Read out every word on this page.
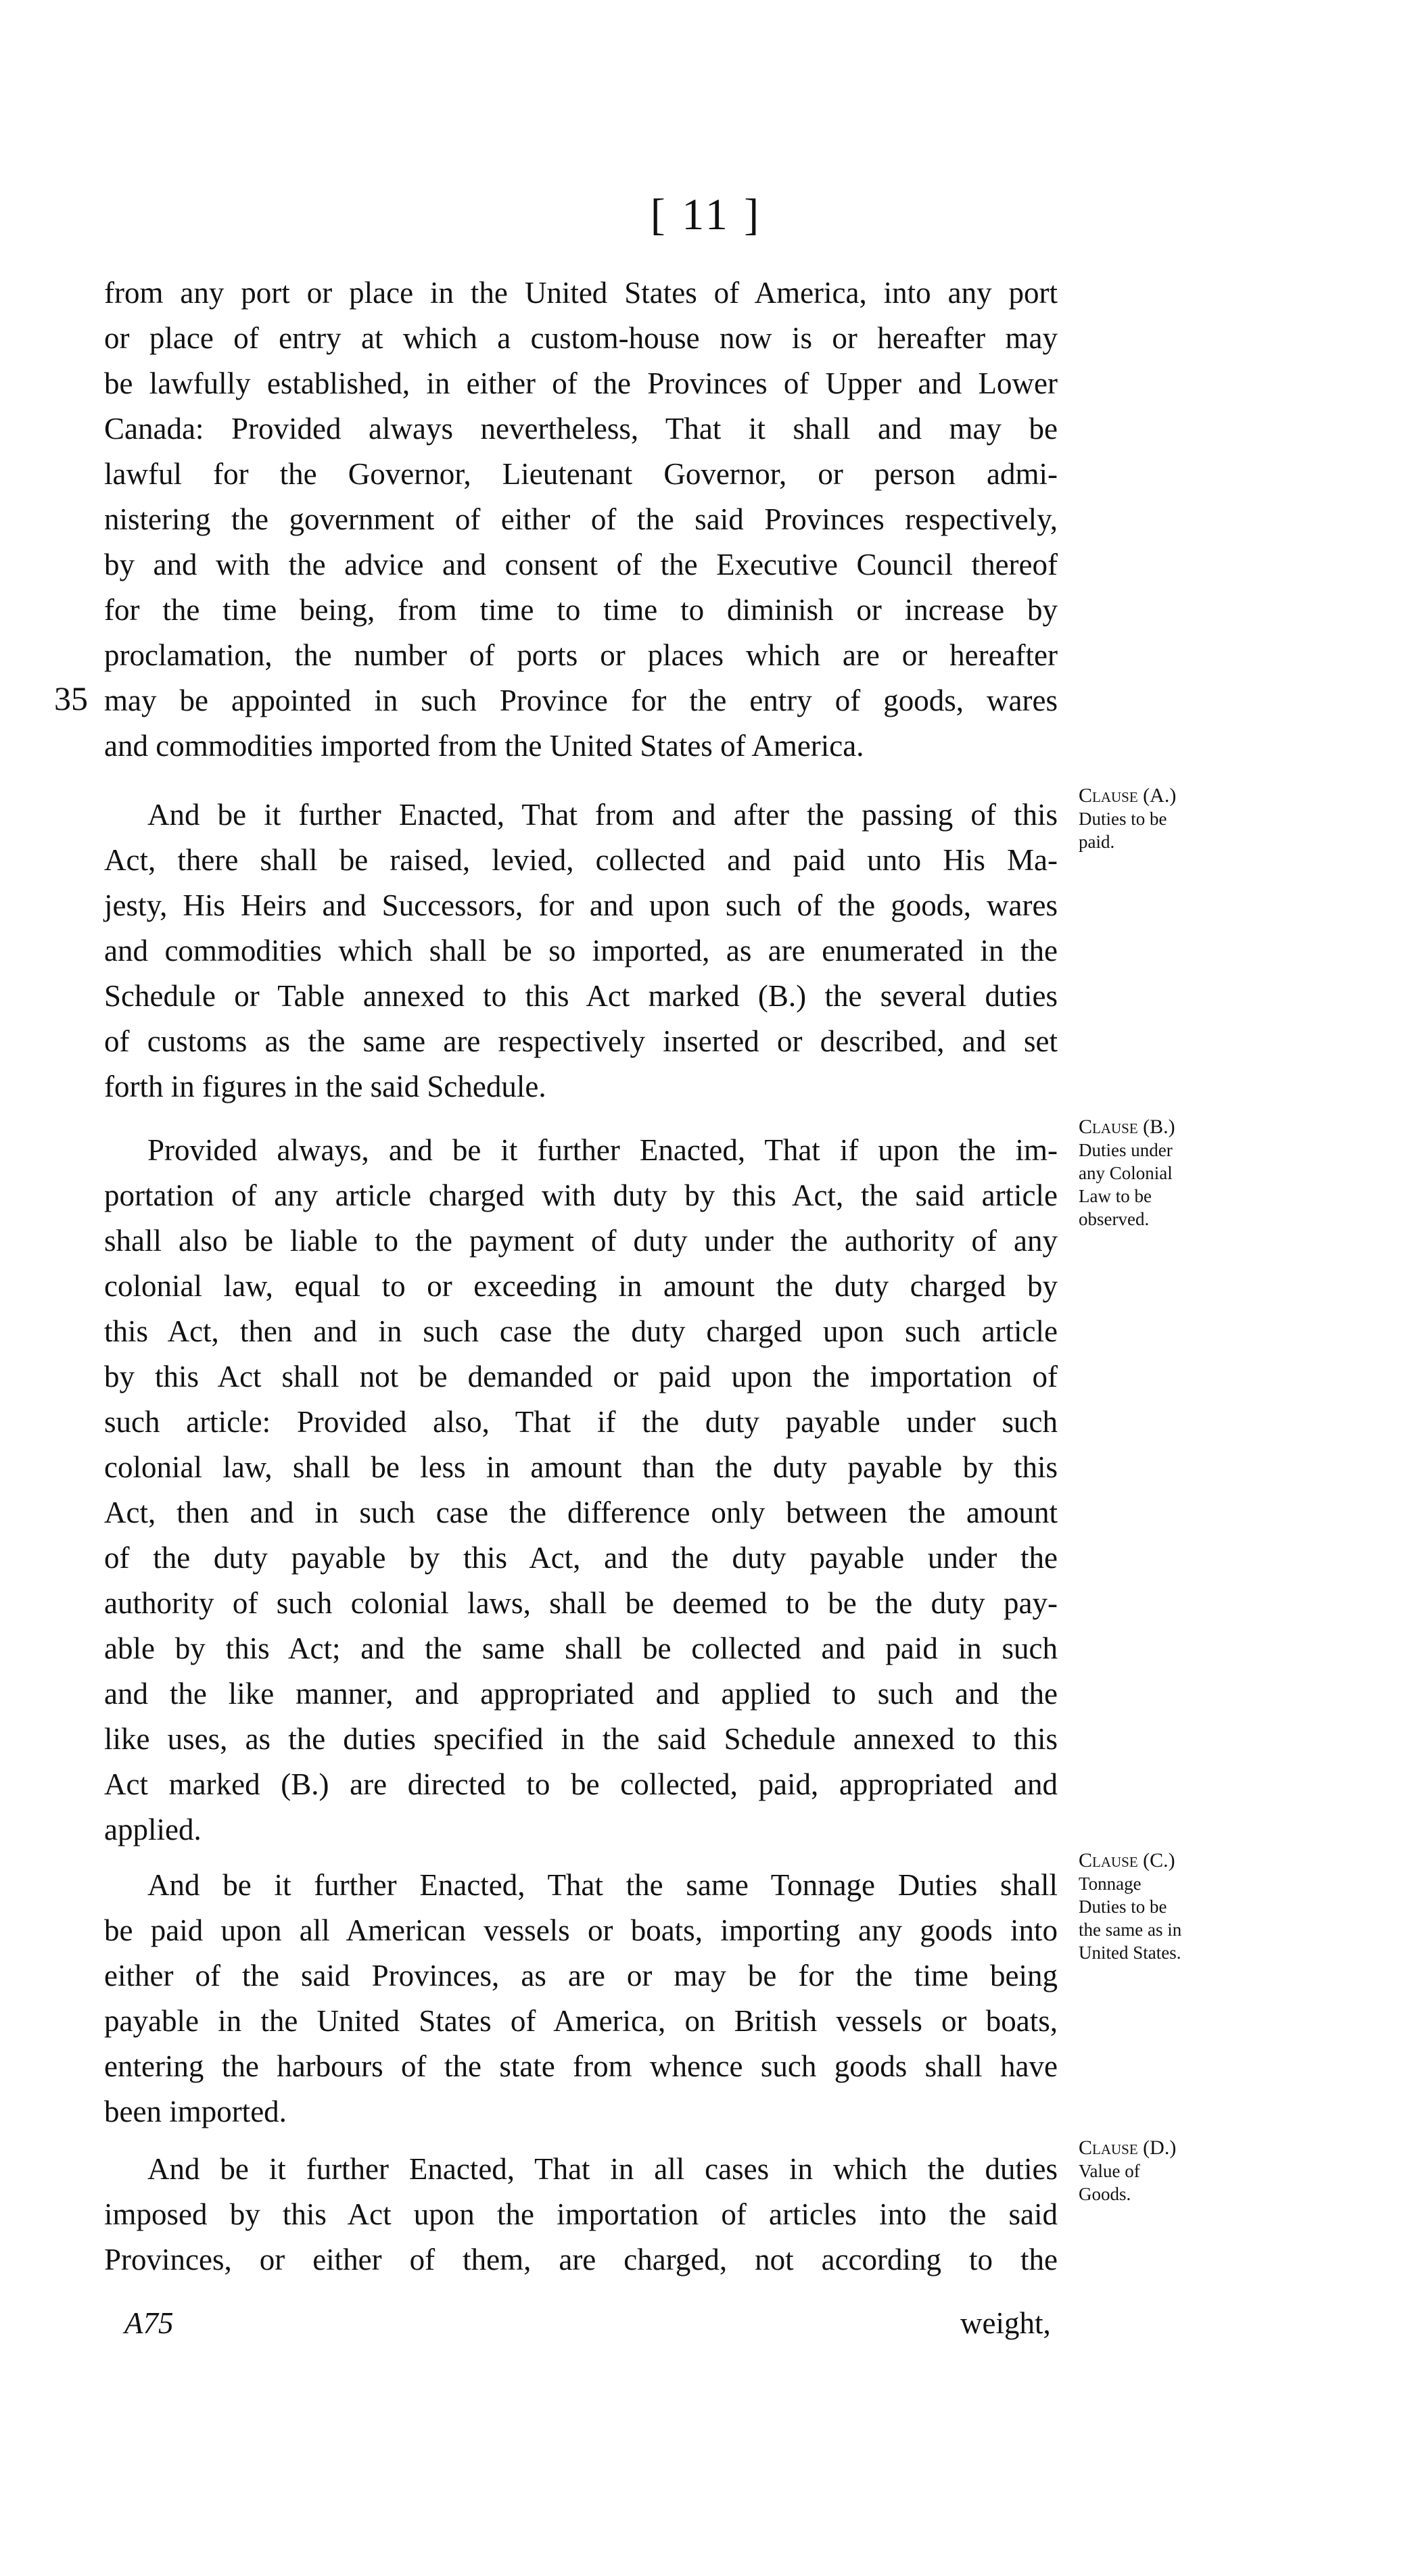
[ 11 ]
35
from any port or place in the United States of America, into any port
or place of entry at which a custom-house now is or hereafter may
be lawfully established, in either of the Provinces of Upper and Lower
Canada: Provided always nevertheless, That it shall and may be
lawful for the Governor, Lieutenant Governor, or person admi-
nistering the government of either of the said Provinces respectively,
by and with the advice and consent of the Executive Council thereof
for the time being, from time to time to diminish or increase by
proclamation, the number of ports or places which are or hereafter
may be appointed in such Province for the entry of goods, wares
and commodities imported from the United States of America.
And be it further Enacted, That from and after the passing of this
Act, there shall be raised, levied, collected and paid unto His Ma-
jesty, His Heirs and Successors, for and upon such of the goods, wares
and commodities which shall be so imported, as are enumerated in the
Schedule or Table annexed to this Act marked (B.) the several duties
of customs as the same are respectively inserted or described, and set
forth in figures in the said Schedule.
Provided always, and be it further Enacted, That if upon the im-
portation of any article charged with duty by this Act, the said article
shall also be liable to the payment of duty under the authority of any
colonial law, equal to or exceeding in amount the duty charged by
this Act, then and in such case the duty charged upon such article
by this Act shall not be demanded or paid upon the importation of
such article: Provided also, That if the duty payable under such
colonial law, shall be less in amount than the duty payable by this
Act, then and in such case the difference only between the amount
of the duty payable by this Act, and the duty payable under the
authority of such colonial laws, shall be deemed to be the duty pay-
able by this Act; and the same shall be collected and paid in such
and the like manner, and appropriated and applied to such and the
like uses, as the duties specified in the said Schedule annexed to this
Act marked (B.) are directed to be collected, paid, appropriated and
applied.
And be it further Enacted, That the same Tonnage Duties shall
be paid upon all American vessels or boats, importing any goods into
either of the said Provinces, as are or may be for the time being
payable in the United States of America, on British vessels or boats,
entering the harbours of the state from whence such goods shall have
been imported.
And be it further Enacted, That in all cases in which the duties
imposed by this Act upon the importation of articles into the said
Provinces, or either of them, are charged, not according to the
Clause (A.)
Duties to be
paid.
Clause (B.)
Duties under
any Colonial
Law to be
observed.
Clause (C.)
Tonnage
Duties to be
the same as in
United States.
Clause (D.)
Value of
Goods.
A75	weight,
